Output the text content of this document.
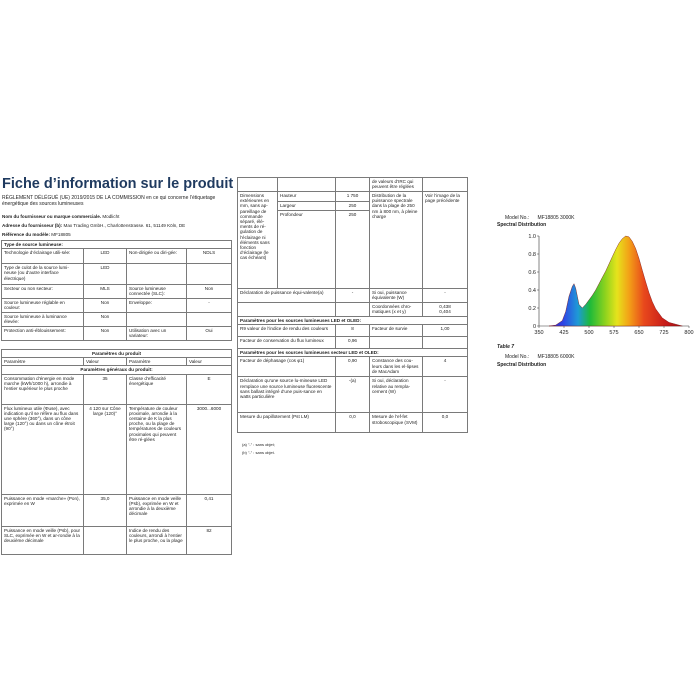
Fiche d’information sur le produit
RÈGLEMENT DÉLÉGUÉ (UE) 2019/2015 DE LA COMMISSION en ce qui concerne l’étiquetage énergétique des sources lumineuses
Nom du fournisseur ou marque commerciale. Modlicht
Adresse du fournisseur (b): Max Trading GmbH., Charlottenstrasse. 61, 51149 Köln, DE
Référence du modèle: MF18805
Type de source lumineuse:			
Technologie d’éclairage utili-sée:	LED	Non-dirigée ou diri-gée:	NDLS
Type de culot de la source lumi-neuse (ou d’autre interface électrique)	LED		
Secteur ou non secteur:	MLS	Source lumineuse connectée (SLC):	Non
Source lumineuse réglable en couleur:	Non	Enveloppe:	-
Source lumineuse à luminance élevée:	Non		
Protection anti-éblouissement:	Non	Utilisation avec un variateur:	Oui
Paramètres du produit			
Paramètre	Valeur	Paramètre	Valeur
Paramètres généraux du produit:			
Consommation d’énergie en mode marche (kWh/1000 h), arrondie à l’entier supérieur le plus proche	35	Classe d’efficacité énergétique	E
Flux lumineux utile (Φuse), avec indication qu’il se réfère au flux dans une sphère (360°), dans un cône large (120°) ou dans un cône étroit (90°)	4 120 sur Cône large (120)°	Température de couleur proximale, arrondie à la centaine de K la plus proche, ou la plage de températures de couleurs proximales qui peuvent être ré-glées	3000...6000
Puissance en mode «marche» (Pon), exprimée en W	35,0	Puissance en mode veille (Psb), exprimée en W et arrondie à la deuxième décimale	0,41
Puissance en mode veille (Psb), pour SLC, exprimée en W et ar-rondie à la deuxième décimale		Indice de rendu des couleurs, arrondi à l’entier le plus proche, ou la plage	82
			de valeurs d’IRC qui peuvent être réglées	
Dimensions extérieures en mm, sans ap-pareillage de commande séparé, élé-ments de ré-gulation de l’éclairage ni éléments sans fonction d’éclairage (le cas échéant)	Hauteur	1 750	Distribution de la puissance spectrale dans la plage de 250 nm à 800 nm, à pleine charge	Voir l’image de la page précédente
	Largeur	250		
	Profondeur	250		
Déclaration de puissance équi-valente(a)		-	Si oui, puissance équivalente (W)	-
			Coordonnées chro-matiques (x et y)	0,438
0,404
Paramètres pour les sources lumineuses LED et OLED:				
R9 valeur de l’indice de rendu des couleurs		8	Facteur de survie	1,00
Facteur de conservation du flux lumineux		0,96		
Paramètres pour les sources lumineuses secteur LED et OLED:				
Facteur de déphasage (cos φ1)		0,90	Constance des cou-leurs dans les el-lipses de MacAdam	4
Déclaration qu’une source lu-mineuse LED remplace une source lumineuse fluorescente sans ballast intégré d’une puis-sance en watts particulière		-(a)	Si oui, déclaration relative au rempla-cement (W)	-
Mesure du papillotement (Pst LM)		0,0	Mesure de l’ef-fet stroboscopique (SVM)	0,0
(a) "-" : sans objet;
(b) "-" : sans objet.
Model No.: MF18805 3000K
Spectral Distribution
0
0.2
0.4
0.6
0.8
1.0
350	425	500	575	650	725	800
Table 7
Model No.: MF18805 6000K
Spectral Distribution
